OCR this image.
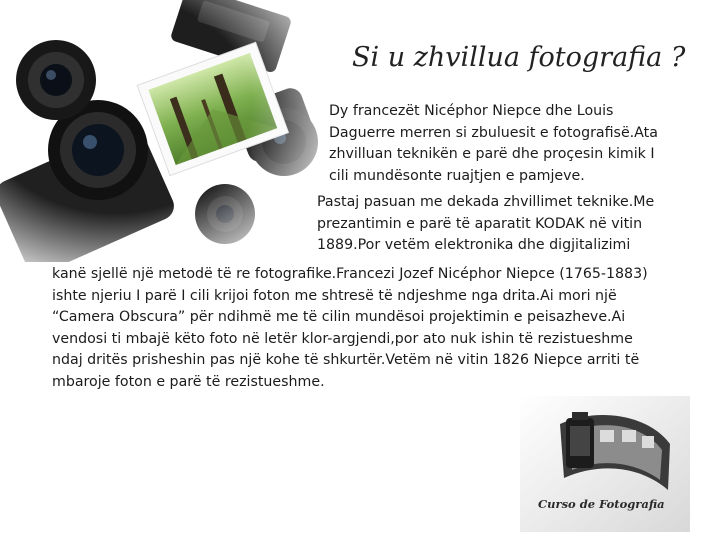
Si u zhvillua fotografia ?

Dy francezët Nicéphor Niepce dhe Louis Daguerre merren si zbuluesit e fotografisë.Ata zhvilluan teknikën e parë dhe proçesin kimik I cili mundësonte ruajtjen e pamjeve.

Pastaj pasuan me dekada zhvillimet teknike.Me prezantimin e parë të aparatit KODAK në vitin 1889.Por vetëm elektronika dhe digjitalizimi

kanë sjellë një metodë të re fotografike.Francezi Jozef Nicéphor Niepce (1765-1883) ishte njeriu I parë I cili krijoi foton me shtresë të ndjeshme nga drita.Ai mori një “Camera Obscura” për ndihmë me të cilin mundësoi projektimin e peisazheve.Ai vendosi ti mbajë këto foto në letër klor-argjendi,por ato nuk ishin të rezistueshme ndaj dritës prisheshin pas një kohe të shkurtër.Vetëm në vitin 1826 Niepce arriti të mbaroje foton e parë të rezistueshme.

Curso de Fotografia
